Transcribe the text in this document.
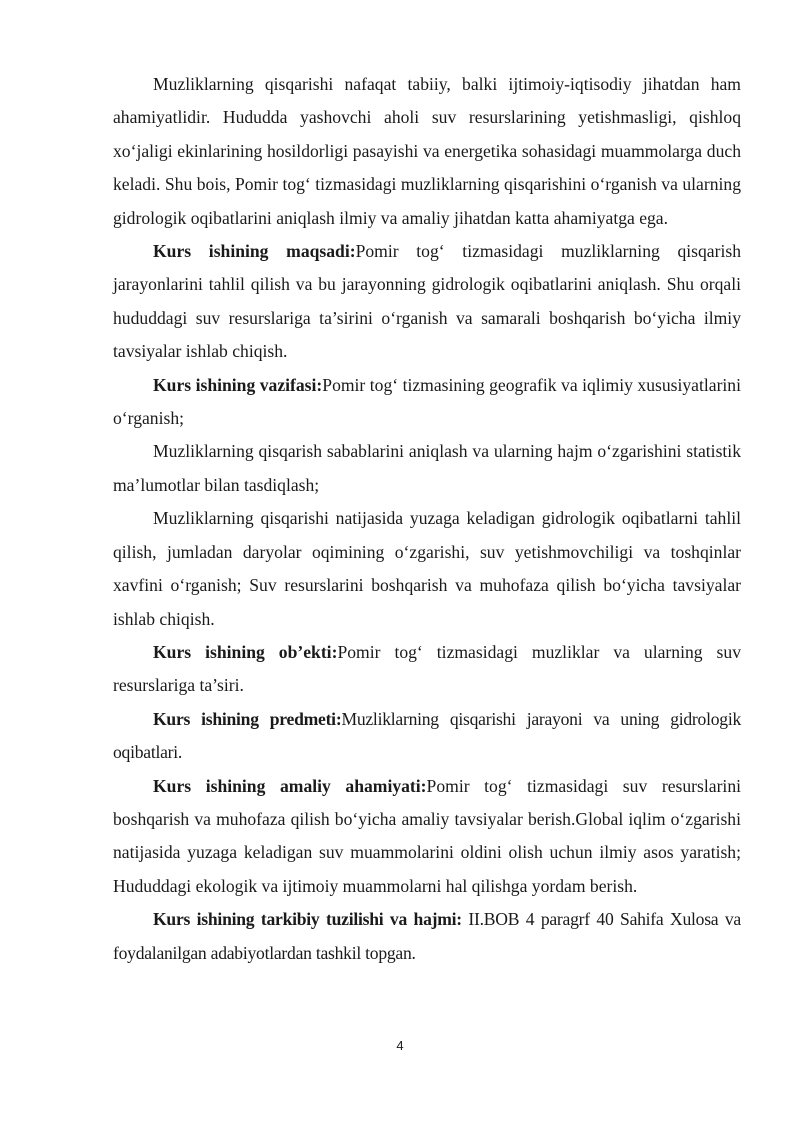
Muzliklarning qisqarishi nafaqat tabiiy, balki ijtimoiy-iqtisodiy jihatdan ham ahamiyatlidir. Hududda yashovchi aholi suv resurslarining yetishmasligi, qishloq xo‘jaligi ekinlarining hosildorligi pasayishi va energetika sohasidagi muammolarga duch keladi. Shu bois, Pomir tog‘ tizmasidagi muzliklarning qisqarishini o‘rganish va ularning gidrologik oqibatlarini aniqlash ilmiy va amaliy jihatdan katta ahamiyatga ega.

Kurs ishining maqsadi:Pomir tog‘ tizmasidagi muzliklarning qisqarish jarayonlarini tahlil qilish va bu jarayonning gidrologik oqibatlarini aniqlash. Shu orqali hududdagi suv resurslariga ta’sirini o‘rganish va samarali boshqarish bo‘yicha ilmiy tavsiyalar ishlab chiqish.

Kurs ishining vazifasi:Pomir tog‘ tizmasining geografik va iqlimiy xususiyatlarini o‘rganish;

Muzliklarning qisqarish sabablarini aniqlash va ularning hajm o‘zgarishini statistik ma’lumotlar bilan tasdiqlash;

Muzliklarning qisqarishi natijasida yuzaga keladigan gidrologik oqibatlarni tahlil qilish, jumladan daryolar oqimining o‘zgarishi, suv yetishmovchiligi va toshqinlar xavfini o‘rganish; Suv resurslarini boshqarish va muhofaza qilish bo‘yicha tavsiyalar ishlab chiqish.

Kurs ishining ob’ekti:Pomir tog‘ tizmasidagi muzliklar va ularning suv resurslariga ta’siri.

Kurs ishining predmeti:Muzliklarning qisqarishi jarayoni va uning gidrologik oqibatlari.

Kurs ishining amaliy ahamiyati:Pomir tog‘ tizmasidagi suv resurslarini boshqarish va muhofaza qilish bo‘yicha amaliy tavsiyalar berish.Global iqlim o‘zgarishi natijasida yuzaga keladigan suv muammolarini oldini olish uchun ilmiy asos yaratish; Hududdagi ekologik va ijtimoiy muammolarni hal qilishga yordam berish.

Kurs ishining tarkibiy tuzilishi va hajmi: II.BOB 4 paragrf 40 Sahifa Xulosa va foydalanilgan adabiyotlardan tashkil topgan.

4
